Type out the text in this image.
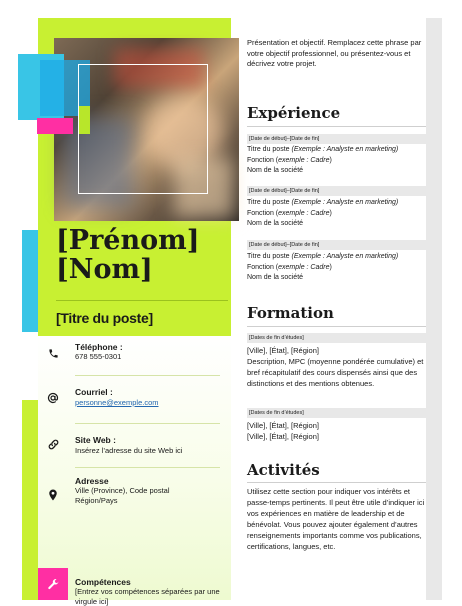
[Prénom]
[Nom]
[Titre du poste]
Téléphone :
678 555-0301
Courriel :
personne@exemple.com
Site Web :
Insérez l’adresse du site Web ici
Adresse
Ville (Province), Code postal
Région/Pays
Compétences
[Entrez vos compétences séparées par une virgule ici]
Présentation et objectif. Remplacez cette phrase par votre objectif professionnel, ou présentez-vous et décrivez votre projet.
Expérience
[Date de début]–[Date de fin]
Titre du poste (Exemple : Analyste en marketing)
Fonction (exemple : Cadre)
Nom de la société
[Date de début]–[Date de fin]
Titre du poste (Exemple : Analyste en marketing)
Fonction (exemple : Cadre)
Nom de la société
[Date de début]–[Date de fin]
Titre du poste (Exemple : Analyste en marketing)
Fonction (exemple : Cadre)
Nom de la société
Formation
[Dates de fin d’études]
[Ville], [État], [Région]
Description, MPC (moyenne pondérée cumulative) et bref récapitulatif des cours dispensés ainsi que des distinctions et des mentions obtenues.
[Dates de fin d’études]
[Ville], [État], [Région]
[Ville], [État], [Région]
Activités
Utilisez cette section pour indiquer vos intérêts et passe-temps pertinents. Il peut être utile d’indiquer ici vos expériences en matière de leadership et de bénévolat. Vous pouvez ajouter également d’autres renseignements importants comme vos publications, certifications, langues, etc.
